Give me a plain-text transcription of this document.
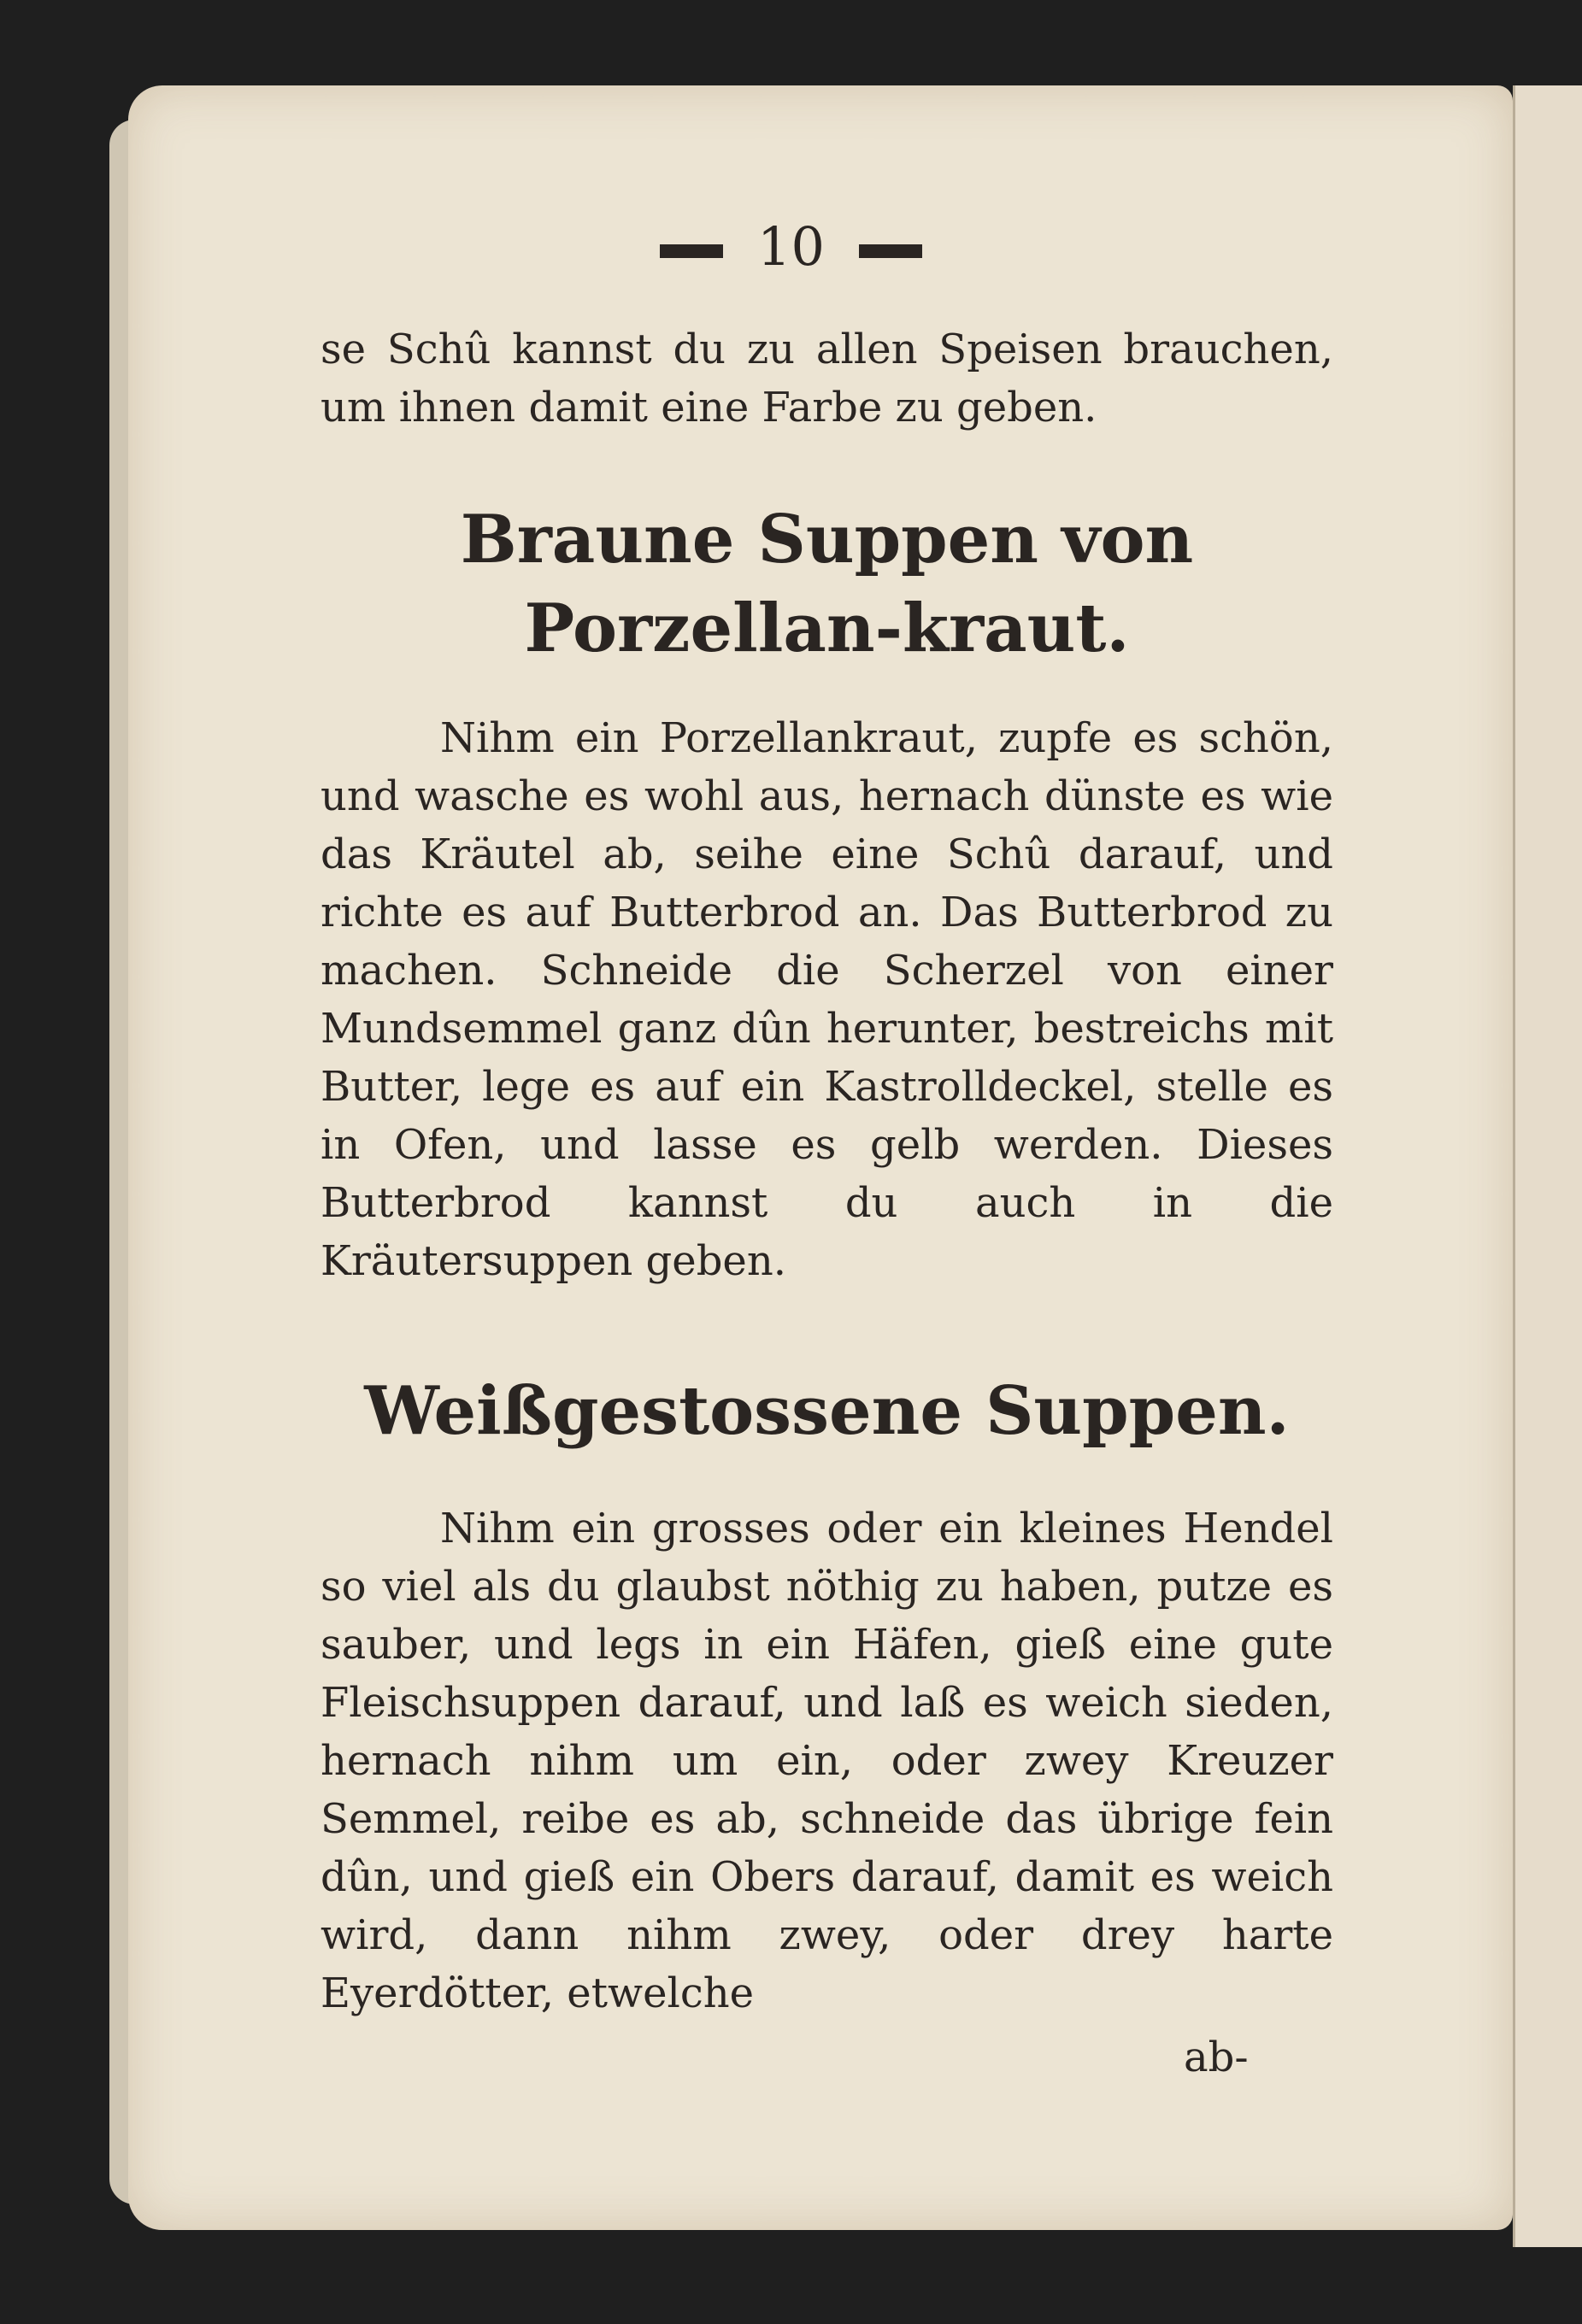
10

se Schû kannst du zu allen Speisen brauchen, um ihnen damit eine Farbe zu geben.

Braune Suppen von Porzellan-kraut.

Nihm ein Porzellankraut, zupfe es schön, und wasche es wohl aus, hernach dünste es wie das Kräutel ab, seihe eine Schû darauf, und richte es auf Butterbrod an. Das Butterbrod zu machen. Schneide die Scherzel von einer Mundsemmel ganz dûn herunter, bestreichs mit Butter, lege es auf ein Kastrolldeckel, stelle es in Ofen, und lasse es gelb werden. Dieses Butterbrod kannst du auch in die Kräutersuppen geben.

Weißgestossene Suppen.

Nihm ein grosses oder ein kleines Hendel so viel als du glaubst nöthig zu haben, putze es sauber, und legs in ein Häfen, gieß eine gute Fleischsuppen darauf, und laß es weich sieden, hernach nihm um ein, oder zwey Kreuzer Semmel, reibe es ab, schneide das übrige fein dûn, und gieß ein Obers darauf, damit es weich wird, dann nihm zwey, oder drey harte Eyerdötter, etwelche

ab-
